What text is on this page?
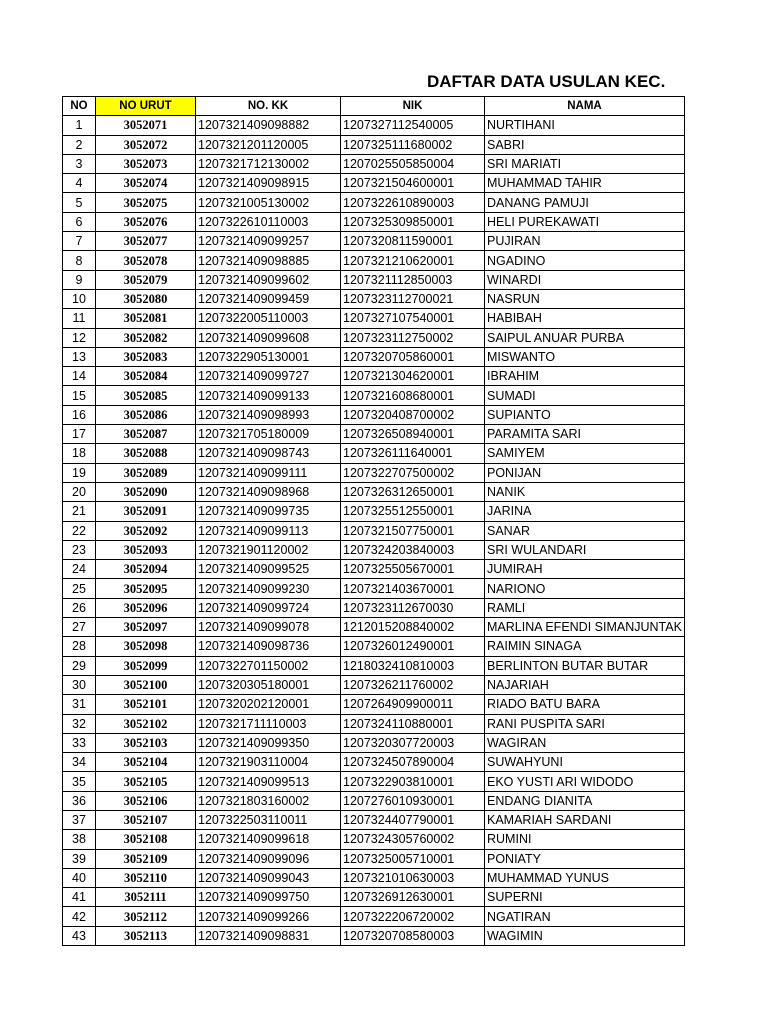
DAFTAR DATA USULAN KEC.
NO	NO URUT	NO. KK	NIK	NAMA
1	3052071	1207321409098882	1207327112540005	NURTIHANI
2	3052072	1207321201120005	1207325111680002	SABRI
3	3052073	1207321712130002	1207025505850004	SRI MARIATI
4	3052074	1207321409098915	1207321504600001	MUHAMMAD TAHIR
5	3052075	1207321005130002	1207322610890003	DANANG PAMUJI
6	3052076	1207322610110003	1207325309850001	HELI PUREKAWATI
7	3052077	1207321409099257	1207320811590001	PUJIRAN
8	3052078	1207321409098885	1207321210620001	NGADINO
9	3052079	1207321409099602	1207321112850003	WINARDI
10	3052080	1207321409099459	1207323112700021	NASRUN
11	3052081	1207322005110003	1207327107540001	HABIBAH
12	3052082	1207321409099608	1207323112750002	SAIPUL ANUAR PURBA
13	3052083	1207322905130001	1207320705860001	MISWANTO
14	3052084	1207321409099727	1207321304620001	IBRAHIM
15	3052085	1207321409099133	1207321608680001	SUMADI
16	3052086	1207321409098993	1207320408700002	SUPIANTO
17	3052087	1207321705180009	1207326508940001	PARAMITA SARI
18	3052088	1207321409098743	1207326111640001	SAMIYEM
19	3052089	1207321409099111	1207322707500002	PONIJAN
20	3052090	1207321409098968	1207326312650001	NANIK
21	3052091	1207321409099735	1207325512550001	JARINA
22	3052092	1207321409099113	1207321507750001	SANAR
23	3052093	1207321901120002	1207324203840003	SRI WULANDARI
24	3052094	1207321409099525	1207325505670001	JUMIRAH
25	3052095	1207321409099230	1207321403670001	NARIONO
26	3052096	1207321409099724	1207323112670030	RAMLI
27	3052097	1207321409099078	1212015208840002	MARLINA EFENDI SIMANJUNTAK
28	3052098	1207321409098736	1207326012490001	RAIMIN SINAGA
29	3052099	1207322701150002	1218032410810003	BERLINTON BUTAR BUTAR
30	3052100	1207320305180001	1207326211760002	NAJARIAH
31	3052101	1207320202120001	1207264909900011	RIADO BATU BARA
32	3052102	1207321711110003	1207324110880001	RANI PUSPITA SARI
33	3052103	1207321409099350	1207320307720003	WAGIRAN
34	3052104	1207321903110004	1207324507890004	SUWAHYUNI
35	3052105	1207321409099513	1207322903810001	EKO YUSTI ARI WIDODO
36	3052106	1207321803160002	1207276010930001	ENDANG DIANITA
37	3052107	1207322503110011	1207324407790001	KAMARIAH SARDANI
38	3052108	1207321409099618	1207324305760002	RUMINI
39	3052109	1207321409099096	1207325005710001	PONIATY
40	3052110	1207321409099043	1207321010630003	MUHAMMAD YUNUS
41	3052111	1207321409099750	1207326912630001	SUPERNI
42	3052112	1207321409099266	1207322206720002	NGATIRAN
43	3052113	1207321409098831	1207320708580003	WAGIMIN
